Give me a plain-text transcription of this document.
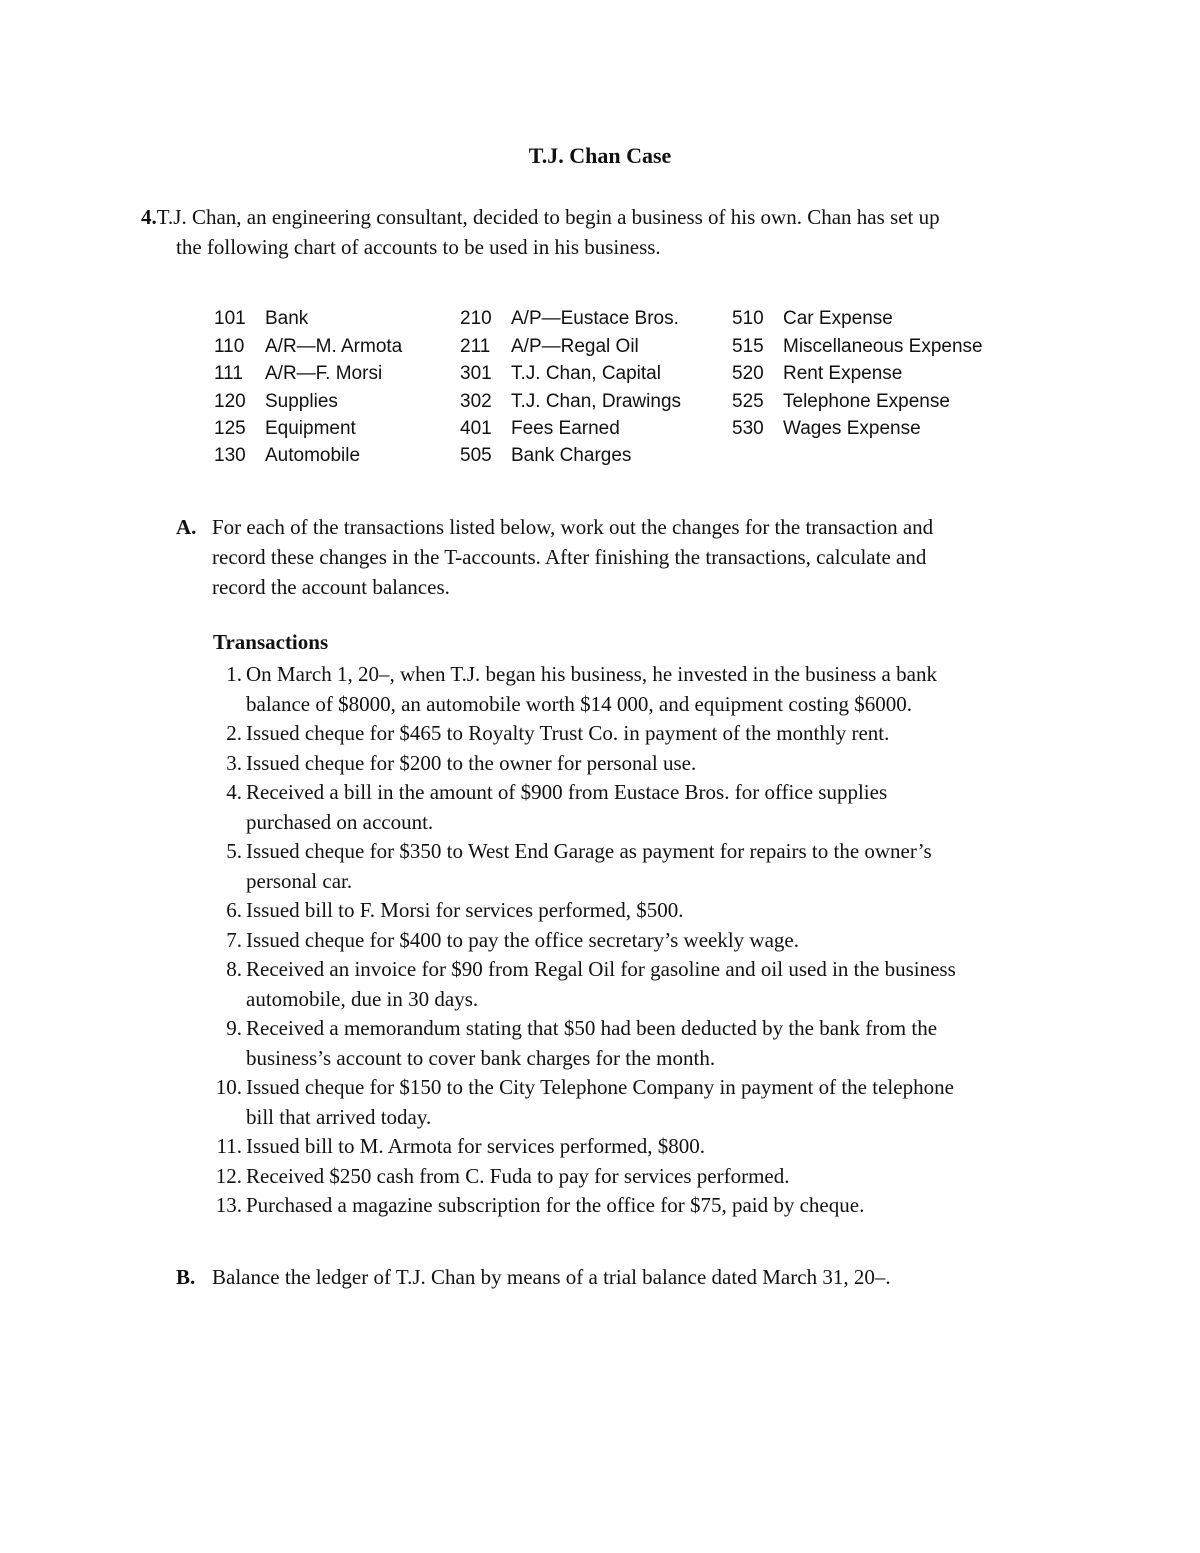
T.J. Chan Case
4.T.J. Chan, an engineering consultant, decided to begin a business of his own. Chan has set up
the following chart of accounts to be used in his business.
101 Bank
110 A/R—M. Armota
111 A/R—F. Morsi
120 Supplies
125 Equipment
130 Automobile
210 A/P—Eustace Bros.
211 A/P—Regal Oil
301 T.J. Chan, Capital
302 T.J. Chan, Drawings
401 Fees Earned
505 Bank Charges
510 Car Expense
515 Miscellaneous Expense
520 Rent Expense
525 Telephone Expense
530 Wages Expense
A. For each of the transactions listed below, work out the changes for the transaction and
record these changes in the T-accounts. After finishing the transactions, calculate and
record the account balances.
Transactions
1. On March 1, 20–, when T.J. began his business, he invested in the business a bank
balance of $8000, an automobile worth $14 000, and equipment costing $6000.
2. Issued cheque for $465 to Royalty Trust Co. in payment of the monthly rent.
3. Issued cheque for $200 to the owner for personal use.
4. Received a bill in the amount of $900 from Eustace Bros. for office supplies
purchased on account.
5. Issued cheque for $350 to West End Garage as payment for repairs to the owner’s
personal car.
6. Issued bill to F. Morsi for services performed, $500.
7. Issued cheque for $400 to pay the office secretary’s weekly wage.
8. Received an invoice for $90 from Regal Oil for gasoline and oil used in the business
automobile, due in 30 days.
9. Received a memorandum stating that $50 had been deducted by the bank from the
business’s account to cover bank charges for the month.
10. Issued cheque for $150 to the City Telephone Company in payment of the telephone
bill that arrived today.
11. Issued bill to M. Armota for services performed, $800.
12. Received $250 cash from C. Fuda to pay for services performed.
13. Purchased a magazine subscription for the office for $75, paid by cheque.
B. Balance the ledger of T.J. Chan by means of a trial balance dated March 31, 20–.
